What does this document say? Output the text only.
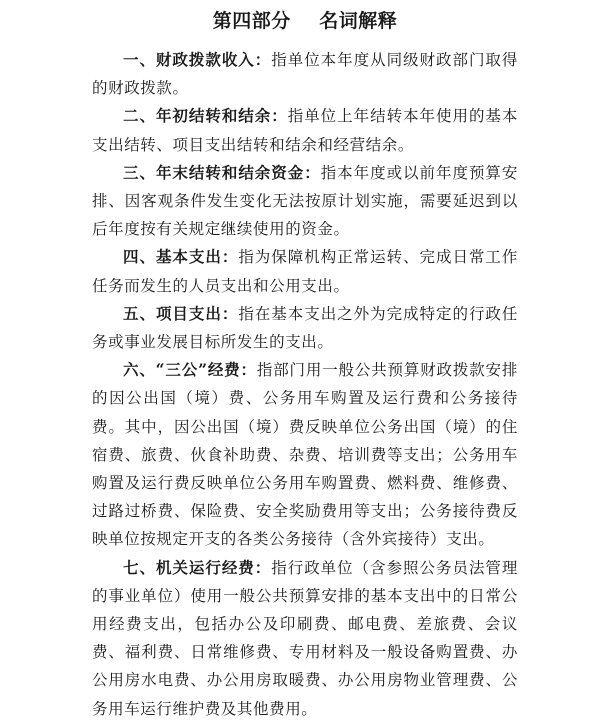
第四部分    名词解释

一、财政拨款收入：指单位本年度从同级财政部门取得的财政拨款。

二、年初结转和结余：指单位上年结转本年使用的基本支出结转、项目支出结转和结余和经营结余。

三、年末结转和结余资金：指本年度或以前年度预算安排、因客观条件发生变化无法按原计划实施，需要延迟到以后年度按有关规定继续使用的资金。

四、基本支出：指为保障机构正常运转、完成日常工作任务而发生的人员支出和公用支出。

五、项目支出：指在基本支出之外为完成特定的行政任务或事业发展目标所发生的支出。

六、“三公”经费：指部门用一般公共预算财政拨款安排的因公出国（境）费、公务用车购置及运行费和公务接待费。其中，因公出国（境）费反映单位公务出国（境）的住宿费、旅费、伙食补助费、杂费、培训费等支出；公务用车购置及运行费反映单位公务用车购置费、燃料费、维修费、过路过桥费、保险费、安全奖励费用等支出；公务接待费反映单位按规定开支的各类公务接待（含外宾接待）支出。

七、机关运行经费：指行政单位（含参照公务员法管理的事业单位）使用一般公共预算安排的基本支出中的日常公用经费支出，包括办公及印刷费、邮电费、差旅费、会议费、福利费、日常维修费、专用材料及一般设备购置费、办公用房水电费、办公用房取暖费、办公用房物业管理费、公务用车运行维护费及其他费用。
